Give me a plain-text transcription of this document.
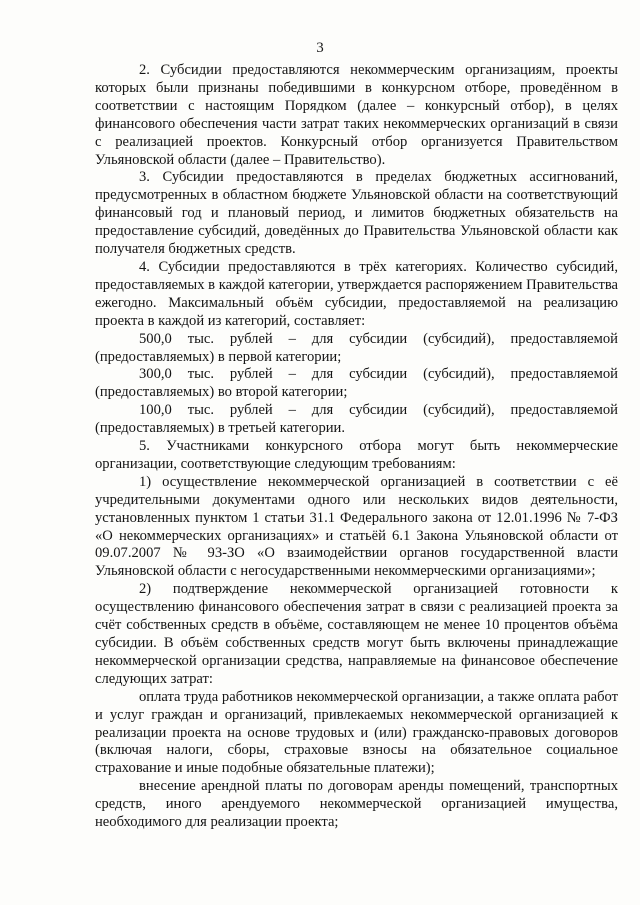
3

2. Субсидии предоставляются некоммерческим организациям, проекты которых были признаны победившими в конкурсном отборе, проведённом в соответствии с настоящим Порядком (далее – конкурсный отбор), в целях финансового обеспечения части затрат таких некоммерческих организаций в связи с реализацией проектов. Конкурсный отбор организуется Правительством Ульяновской области (далее – Правительство).

3. Субсидии предоставляются в пределах бюджетных ассигнований, предусмотренных в областном бюджете Ульяновской области на соответствующий финансовый год и плановый период, и лимитов бюджетных обязательств на предоставление субсидий, доведённых до Правительства Ульяновской области как получателя бюджетных средств.

4. Субсидии предоставляются в трёх категориях. Количество субсидий, предоставляемых в каждой категории, утверждается распоряжением Правительства ежегодно. Максимальный объём субсидии, предоставляемой на реализацию проекта в каждой из категорий, составляет:

500,0 тыс. рублей – для субсидии (субсидий), предоставляемой (предоставляемых) в первой категории;

300,0 тыс. рублей – для субсидии (субсидий), предоставляемой (предоставляемых) во второй категории;

100,0 тыс. рублей – для субсидии (субсидий), предоставляемой (предоставляемых) в третьей категории.

5. Участниками конкурсного отбора могут быть некоммерческие организации, соответствующие следующим требованиям:

1) осуществление некоммерческой организацией в соответствии с её учредительными документами одного или нескольких видов деятельности, установленных пунктом 1 статьи 31.1 Федерального закона от 12.01.1996 № 7-ФЗ «О некоммерческих организациях» и статьёй 6.1 Закона Ульяновской области от 09.07.2007 № 93-ЗО «О взаимодействии органов государственной власти Ульяновской области с негосударственными некоммерческими организациями»;

2) подтверждение некоммерческой организацией готовности к осуществлению финансового обеспечения затрат в связи с реализацией проекта за счёт собственных средств в объёме, составляющем не менее 10 процентов объёма субсидии. В объём собственных средств могут быть включены принадлежащие некоммерческой организации средства, направляемые на финансовое обеспечение следующих затрат:

оплата труда работников некоммерческой организации, а также оплата работ и услуг граждан и организаций, привлекаемых некоммерческой организацией к реализации проекта на основе трудовых и (или) гражданско-правовых договоров (включая налоги, сборы, страховые взносы на обязательное социальное страхование и иные подобные обязательные платежи);

внесение арендной платы по договорам аренды помещений, транспортных средств, иного арендуемого некоммерческой организацией имущества, необходимого для реализации проекта;
